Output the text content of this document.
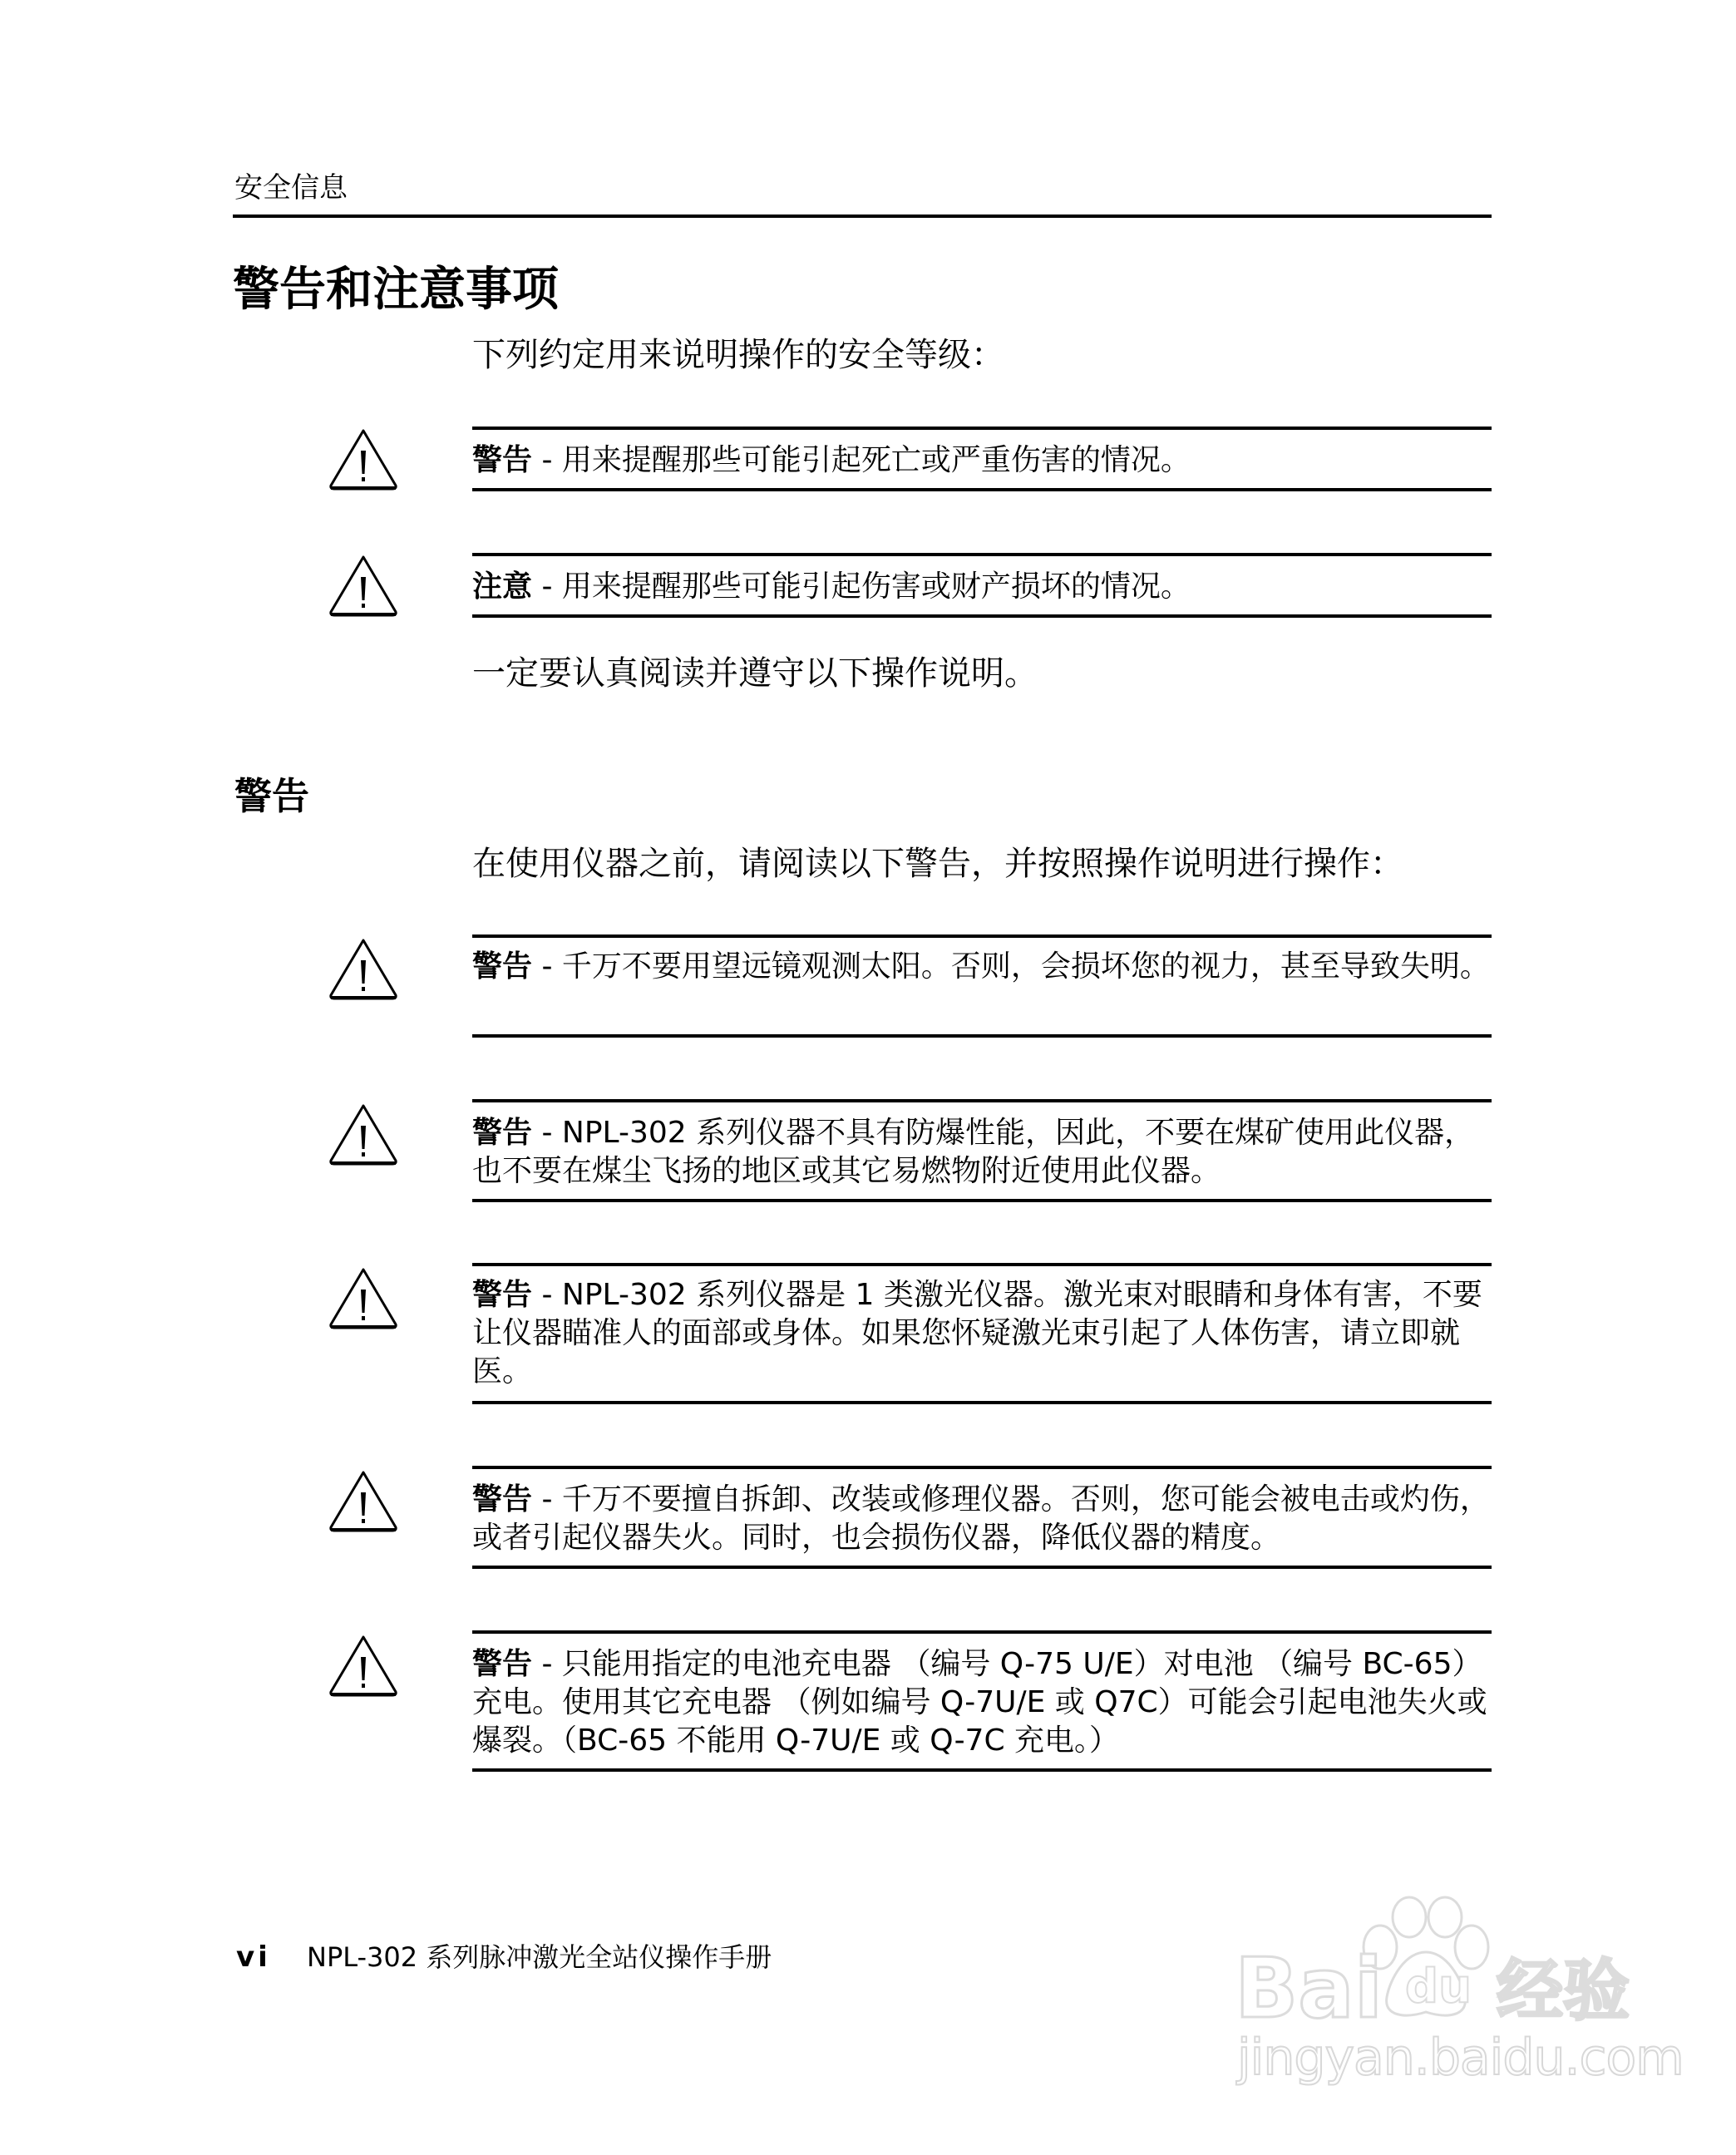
安全信息
警告和注意事项
下列约定用来说明操作的安全等级：
警告 - 用来提醒那些可能引起死亡或严重伤害的情况。
注意 - 用来提醒那些可能引起伤害或财产损坏的情况。
一定要认真阅读并遵守以下操作说明。
警告
在使用仪器之前，请阅读以下警告，并按照操作说明进行操作：
警告 - 千万不要用望远镜观测太阳。否则，会损坏您的视力，甚至导致失明。
警告 - NPL-302 系列仪器不具有防爆性能，因此，不要在煤矿使用此仪器，也不要在煤尘飞扬的地区或其它易燃物附近使用此仪器。
警告 - NPL-302 系列仪器是 1 类激光仪器。激光束对眼睛和身体有害，不要让仪器瞄准人的面部或身体。如果您怀疑激光束引起了人体伤害，请立即就医。
警告 - 千万不要擅自拆卸、改装或修理仪器。否则，您可能会被电击或灼伤，或者引起仪器失火。同时，也会损伤仪器，降低仪器的精度。
警告 - 只能用指定的电池充电器 （编号 Q-75 U/E）对电池 （编号 BC-65）充电。使用其它充电器 （例如编号 Q-7U/E 或 Q7C）可能会引起电池失火或爆裂。（BC-65 不能用 Q-7U/E 或 Q-7C 充电。）
vi NPL-302 系列脉冲激光全站仪操作手册
du
Bai 经验
jingyan.baidu.com
